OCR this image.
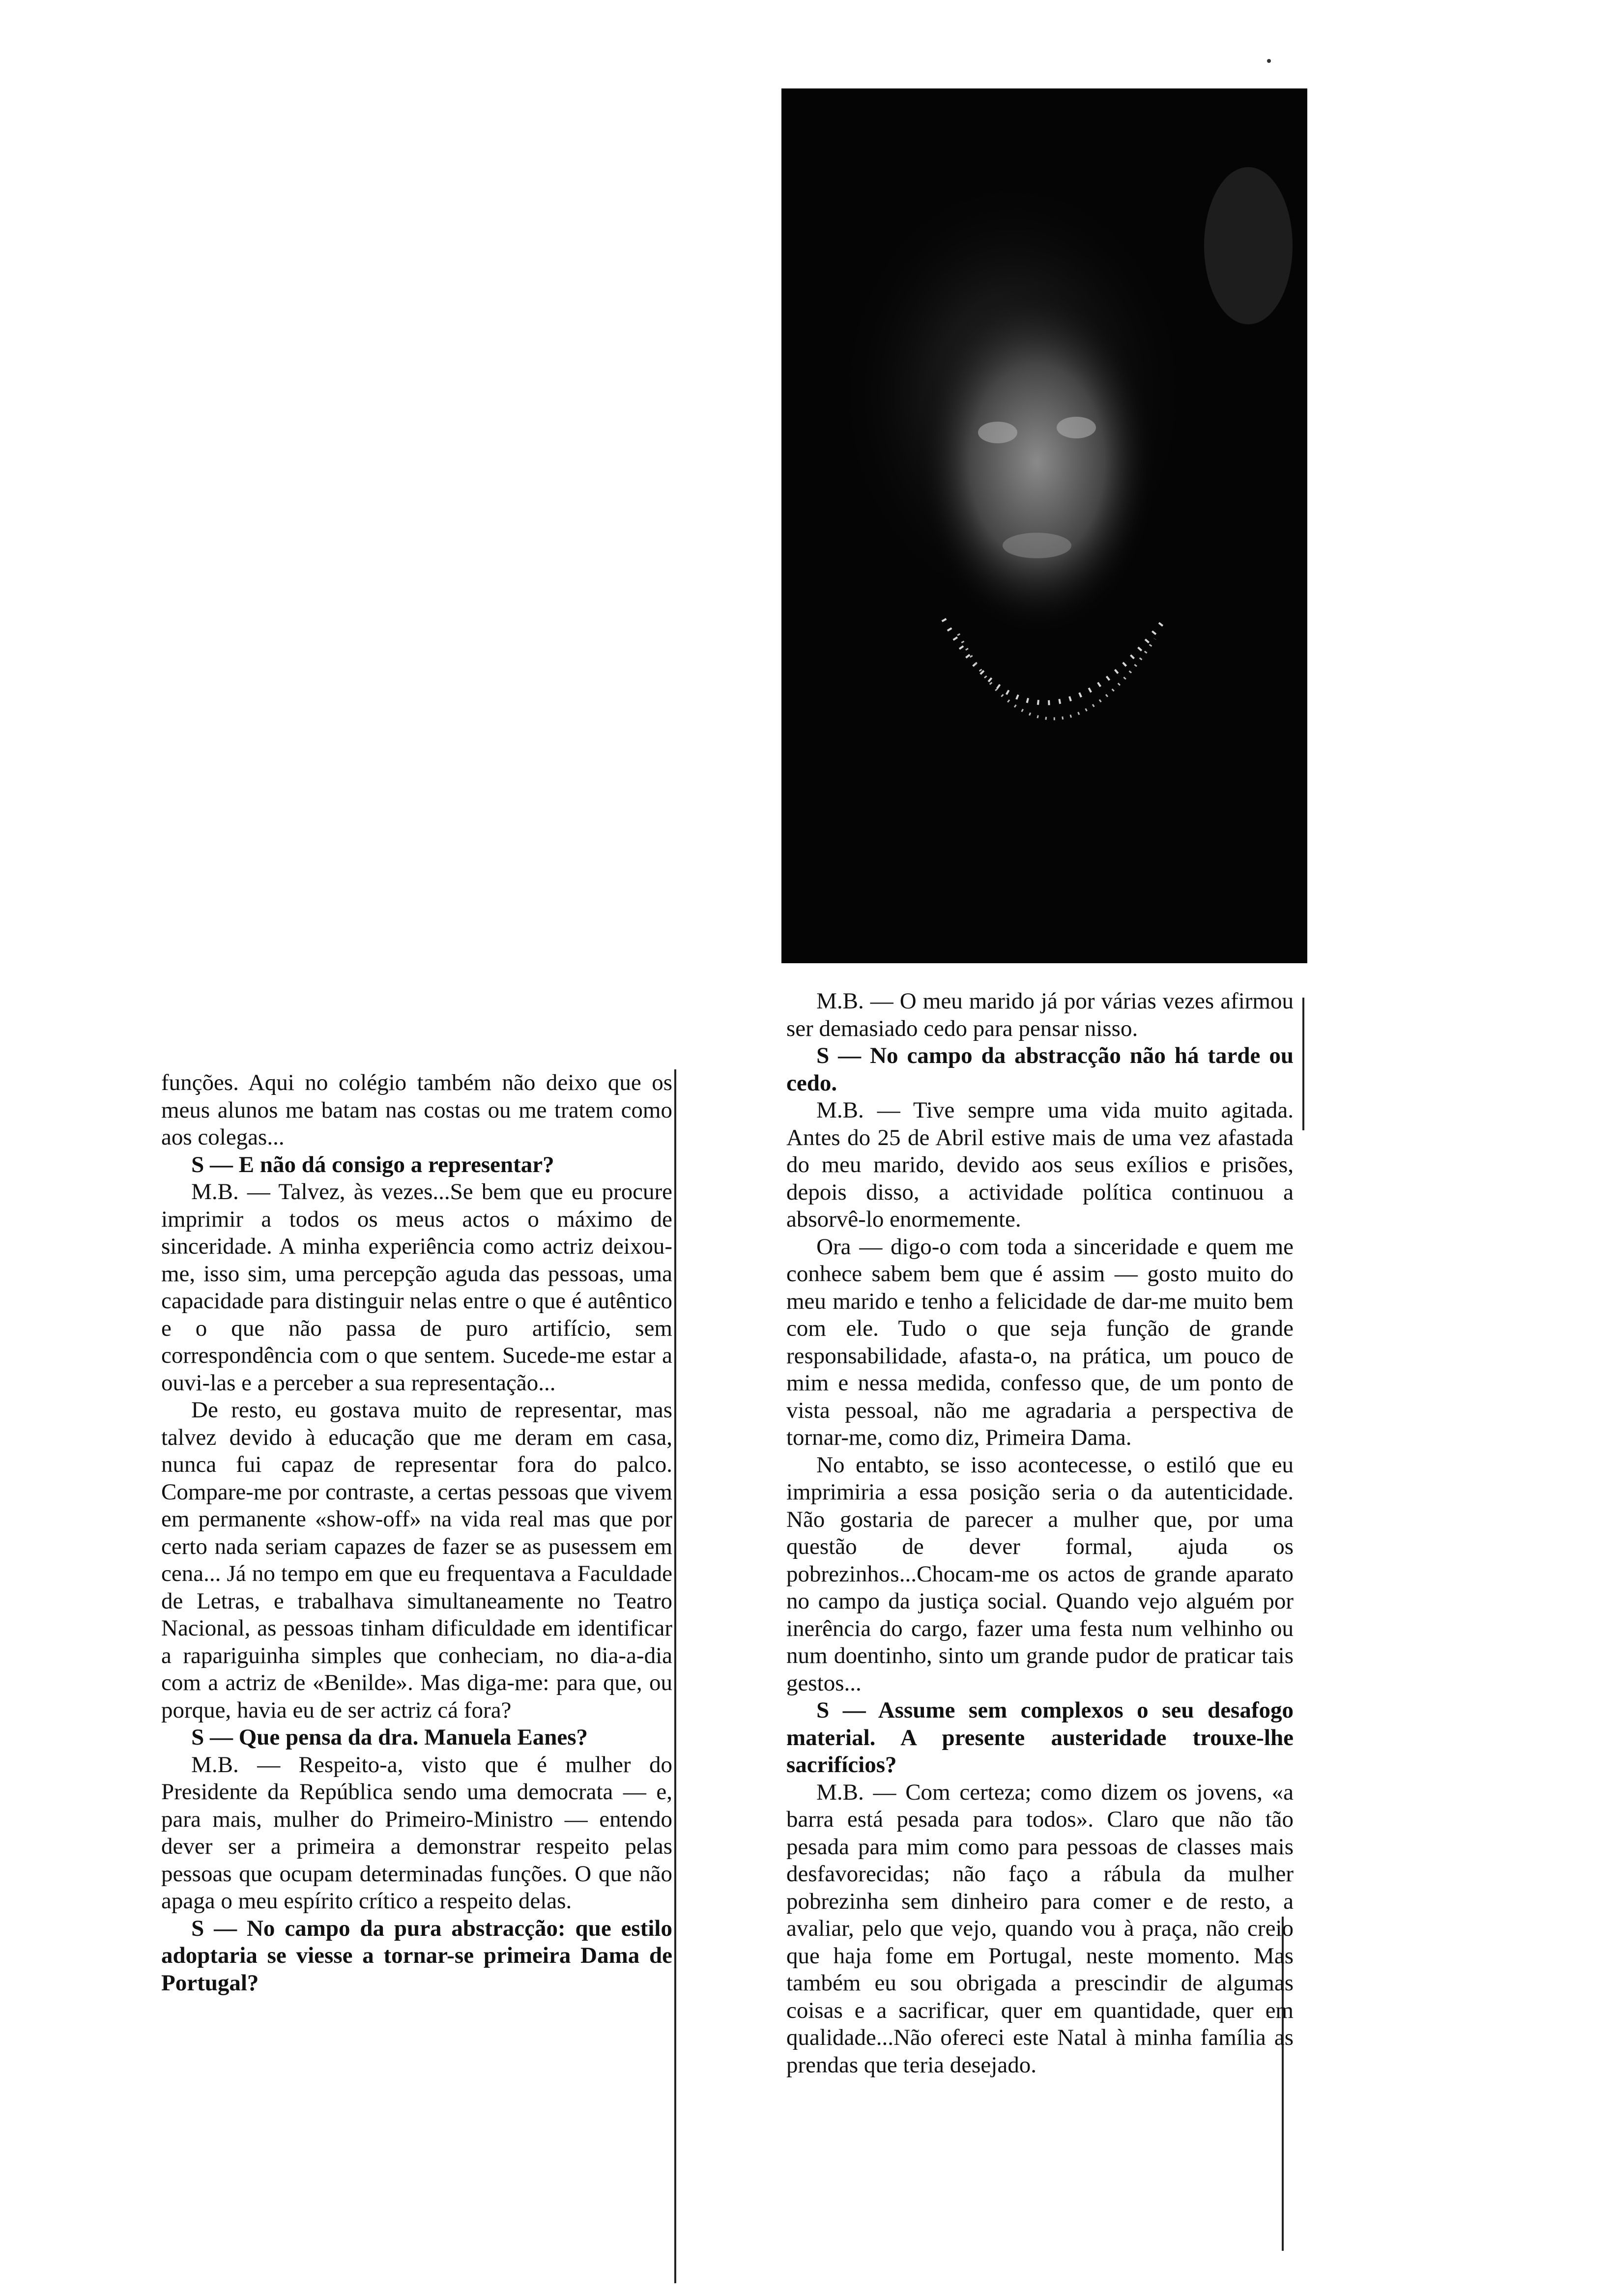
funções. Aqui no colégio também não deixo que os meus alunos me batam nas costas ou me tratem como aos colegas...

S — E não dá consigo a representar?

M.B. — Talvez, às vezes...Se bem que eu procure imprimir a todos os meus actos o máximo de sinceridade. A minha experiência como actriz deixou-me, isso sim, uma percepção aguda das pessoas, uma capacidade para distinguir nelas entre o que é autêntico e o que não passa de puro artifício, sem correspondência com o que sentem. Sucede-me estar a ouvi-las e a perceber a sua representação...

De resto, eu gostava muito de representar, mas talvez devido à educação que me deram em casa, nunca fui capaz de representar fora do palco. Compare-me por contraste, a certas pessoas que vivem em permanente «show-off» na vida real mas que por certo nada seriam capazes de fazer se as pusessem em cena... Já no tempo em que eu frequentava a Faculdade de Letras, e trabalhava simultaneamente no Teatro Nacional, as pessoas tinham dificuldade em identificar a rapariguinha simples que conheciam, no dia-a-dia com a actriz de «Benilde». Mas diga-me: para que, ou porque, havia eu de ser actriz cá fora?

S — Que pensa da dra. Manuela Eanes?

M.B. — Respeito-a, visto que é mulher do Presidente da República sendo uma democrata — e, para mais, mulher do Primeiro-Ministro — entendo dever ser a primeira a demonstrar respeito pelas pessoas que ocupam determinadas funções. O que não apaga o meu espírito crítico a respeito delas.

S — No campo da pura abstracção: que estilo adoptaria se viesse a tornar-se primeira Dama de Portugal?

M.B. — O meu marido já por várias vezes afirmou ser demasiado cedo para pensar nisso.

S — No campo da abstracção não há tarde ou cedo.

M.B. — Tive sempre uma vida muito agitada. Antes do 25 de Abril estive mais de uma vez afastada do meu marido, devido aos seus exílios e prisões, depois disso, a actividade política continuou a absorvê-lo enormemente.

Ora — digo-o com toda a sinceridade e quem me conhece sabem bem que é assim — gosto muito do meu marido e tenho a felicidade de dar-me muito bem com ele. Tudo o que seja função de grande responsabilidade, afasta-o, na prática, um pouco de mim e nessa medida, confesso que, de um ponto de vista pessoal, não me agradaria a perspectiva de tornar-me, como diz, Primeira Dama.

No entabto, se isso acontecesse, o estiló que eu imprimiria a essa posição seria o da autenticidade. Não gostaria de parecer a mulher que, por uma questão de dever formal, ajuda os pobrezinhos...Chocam-me os actos de grande aparato no campo da justiça social. Quando vejo alguém por inerência do cargo, fazer uma festa num velhinho ou num doentinho, sinto um grande pudor de praticar tais gestos...

S — Assume sem complexos o seu desafogo material. A presente austeridade trouxe-lhe sacrifícios?

M.B. — Com certeza; como dizem os jovens, «a barra está pesada para todos». Claro que não tão pesada para mim como para pessoas de classes mais desfavorecidas; não faço a rábula da mulher pobrezinha sem dinheiro para comer e de resto, a avaliar, pelo que vejo, quando vou à praça, não creio que haja fome em Portugal, neste momento. Mas também eu sou obrigada a prescindir de algumas coisas e a sacrificar, quer em quantidade, quer em qualidade...Não ofereci este Natal à minha família as prendas que teria desejado.
